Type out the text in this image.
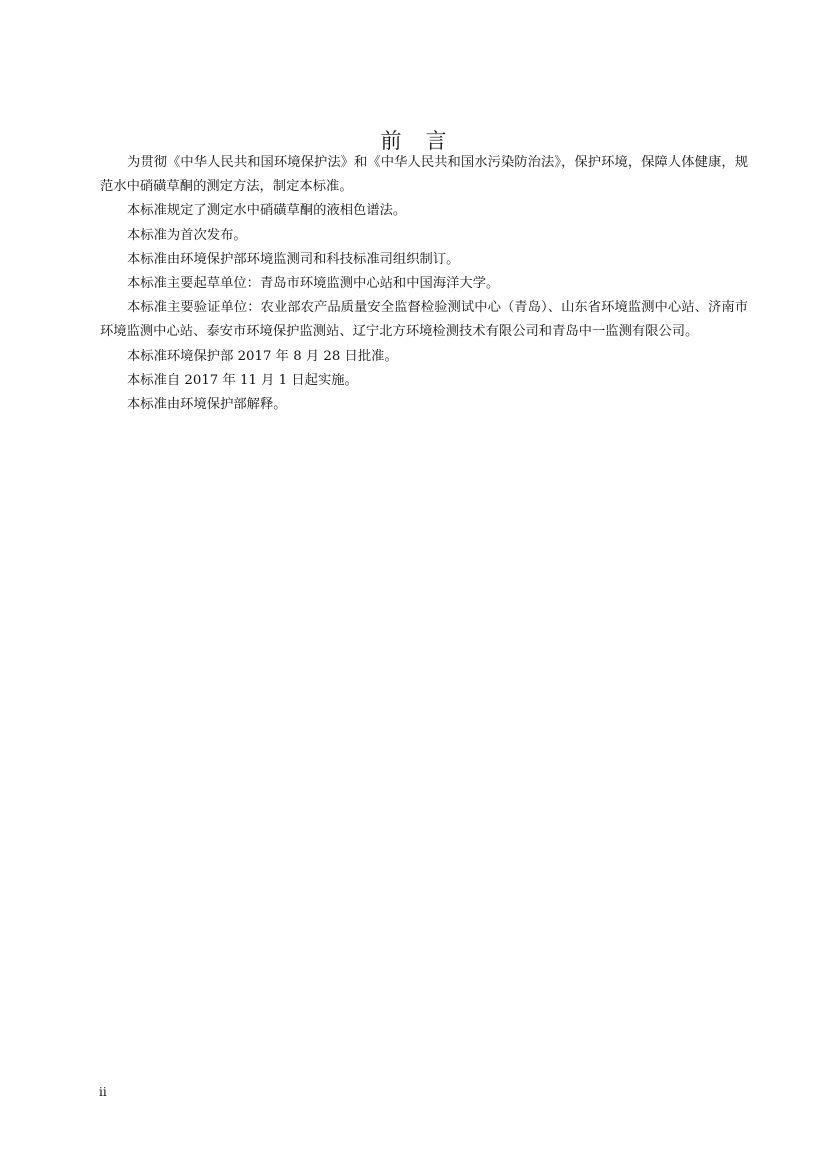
前言

为贯彻《中华人民共和国环境保护法》和《中华人民共和国水污染防治法》，保护环境，保障人体健康，规范水中硝磺草酮的测定方法，制定本标准。

本标准规定了测定水中硝磺草酮的液相色谱法。

本标准为首次发布。

本标准由环境保护部环境监测司和科技标准司组织制订。

本标准主要起草单位：青岛市环境监测中心站和中国海洋大学。

本标准主要验证单位：农业部农产品质量安全监督检验测试中心（青岛）、山东省环境监测中心站、济南市环境监测中心站、泰安市环境保护监测站、辽宁北方环境检测技术有限公司和青岛中一监测有限公司。

本标准环境保护部 2017 年 8 月 28 日批准。

本标准自 2017 年 11 月 1 日起实施。

本标准由环境保护部解释。

ii
